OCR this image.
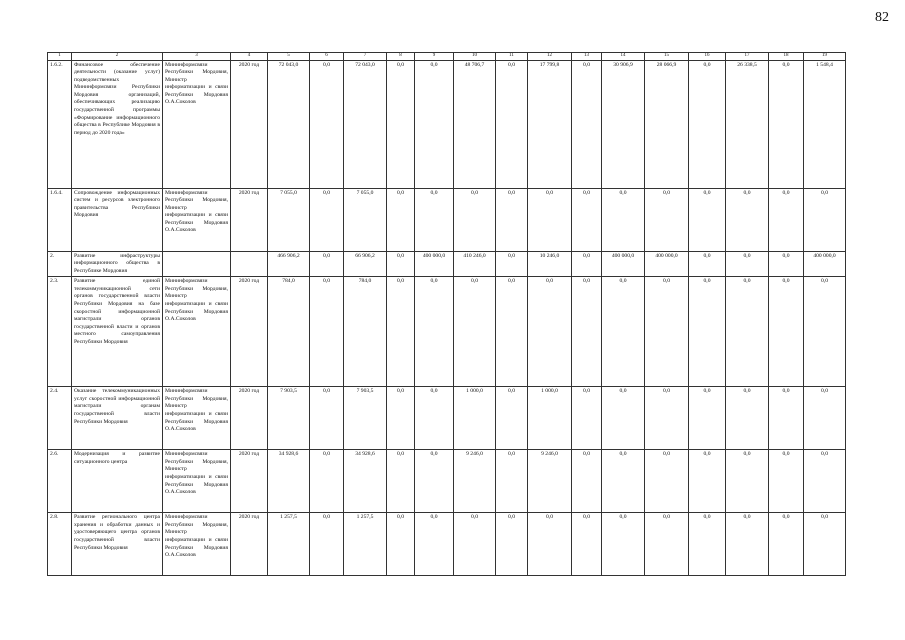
82
1	2	3	4	5	6	7	8	9	10	11	12	13	14	15	16	17	18	19
1.6.2.	Финансовое обеспечение деятельности (оказание услуг) подведомственных Мининформсвязи Республики Мордовия организаций, обеспечивающих реализацию государственной программы «Формирование информационного общества в Республике Мордовия в период до 2020 года»	Мининформсвязи Республики Мордовия, Министр информатизации и связи Республики Мордовия О.А.Соколов	2020 год	72 043,0	0,0	72 043,0	0,0	0,0	48 706,7	0,0	17 799,8	0,0	30 906,9	28 066,9	0,0	26 338,5	0,0	1 548,4
1.6.4.	Сопровождение информационных систем и ресурсов электронного правительства Республики Мордовия	Мининформсвязи Республики Мордовия, Министр информатизации и связи Республики Мордовия О.А.Соколов	2020 год	7 055,0	0,0	7 055,0	0,0	0,0	0,0	0,0	0,0	0,0	0,0	0,0	0,0	0,0	0,0	0,0
2.	Развитие инфраструктуры информационного общества в Республике Мордовия			466 906,2	0,0	66 906,2	0,0	400 000,0	410 246,0	0,0	10 246,0	0,0	400 000,0	400 000,0	0,0	0,0	0,0	400 000,0
2.3.	Развитие единой телекоммуникационной сети органов государственной власти Республики Мордовия на базе скоростной информационной магистрали органов государственной власти и органов местного самоуправления Республики Мордовия	Мининформсвязи Республики Мордовия, Министр информатизации и связи Республики Мордовия О.А.Соколов	2020 год	784,0	0,0	784,0	0,0	0,0	0,0	0,0	0,0	0,0	0,0	0,0	0,0	0,0	0,0	0,0
2.4.	Оказание телекоммуникационных услуг скоростной информационной магистрали органам государственной власти Республики Мордовия	Мининформсвязи Республики Мордовия, Министр информатизации и связи Республики Мордовия О.А.Соколов	2020 год	7 903,5	0,0	7 903,5	0,0	0,0	1 000,0	0,0	1 000,0	0,0	0,0	0,0	0,0	0,0	0,0	0,0
2.6.	Модернизация и развитие ситуационного центра	Мининформсвязи Республики Мордовия, Министр информатизации и связи Республики Мордовия О.А.Соколов	2020 год	34 928,6	0,0	34 928,6	0,0	0,0	9 246,0	0,0	9 246,0	0,0	0,0	0,0	0,0	0,0	0,0	0,0
2.8.	Развитие регионального центра хранения и обработки данных и удостоверяющего центра органов государственной власти Республики Мордовия	Мининформсвязи Республики Мордовия, Министр информатизации и связи Республики Мордовия О.А.Соколов	2020 год	1 257,5	0,0	1 257,5	0,0	0,0	0,0	0,0	0,0	0,0	0,0	0,0	0,0	0,0	0,0	0,0
